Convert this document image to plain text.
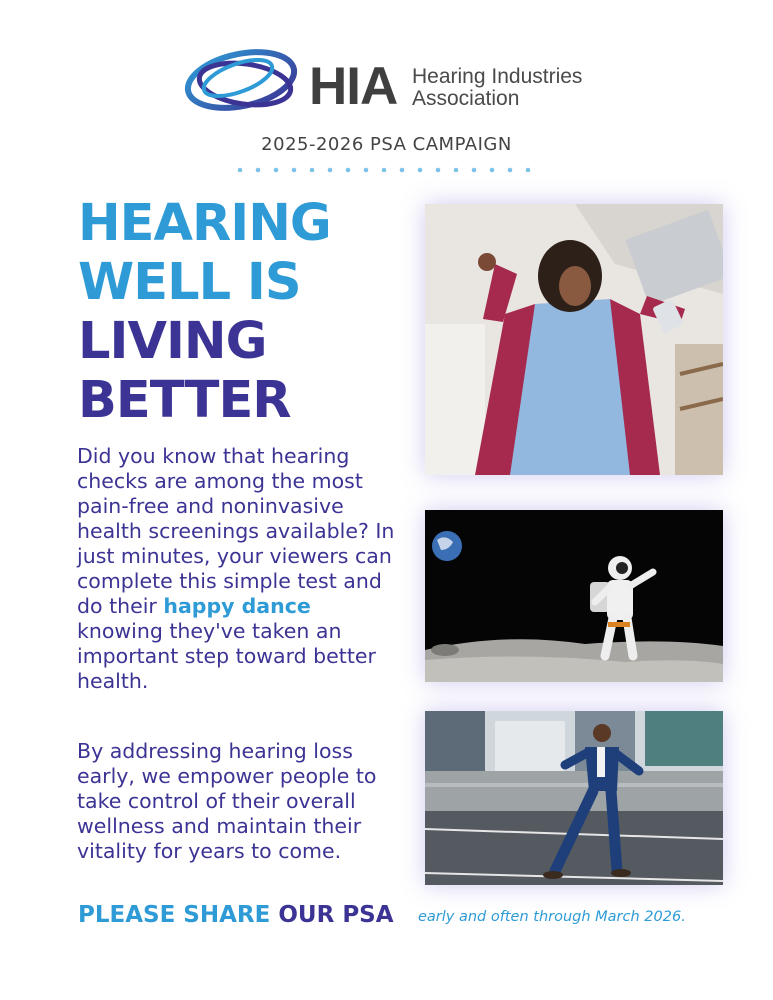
HIA Hearing Industries
Association
2025-2026 PSA CAMPAIGN
HEARING
WELL IS
LIVING
BETTER
Did you know that hearing checks are among the most pain-free and noninvasive health screenings available? In just minutes, your viewers can complete this simple test and do their happy dance knowing they've taken an important step toward better health.
By addressing hearing loss early, we empower people to take control of their overall wellness and maintain their vitality for years to come.
PLEASE SHARE OUR PSA early and often through March 2026.
